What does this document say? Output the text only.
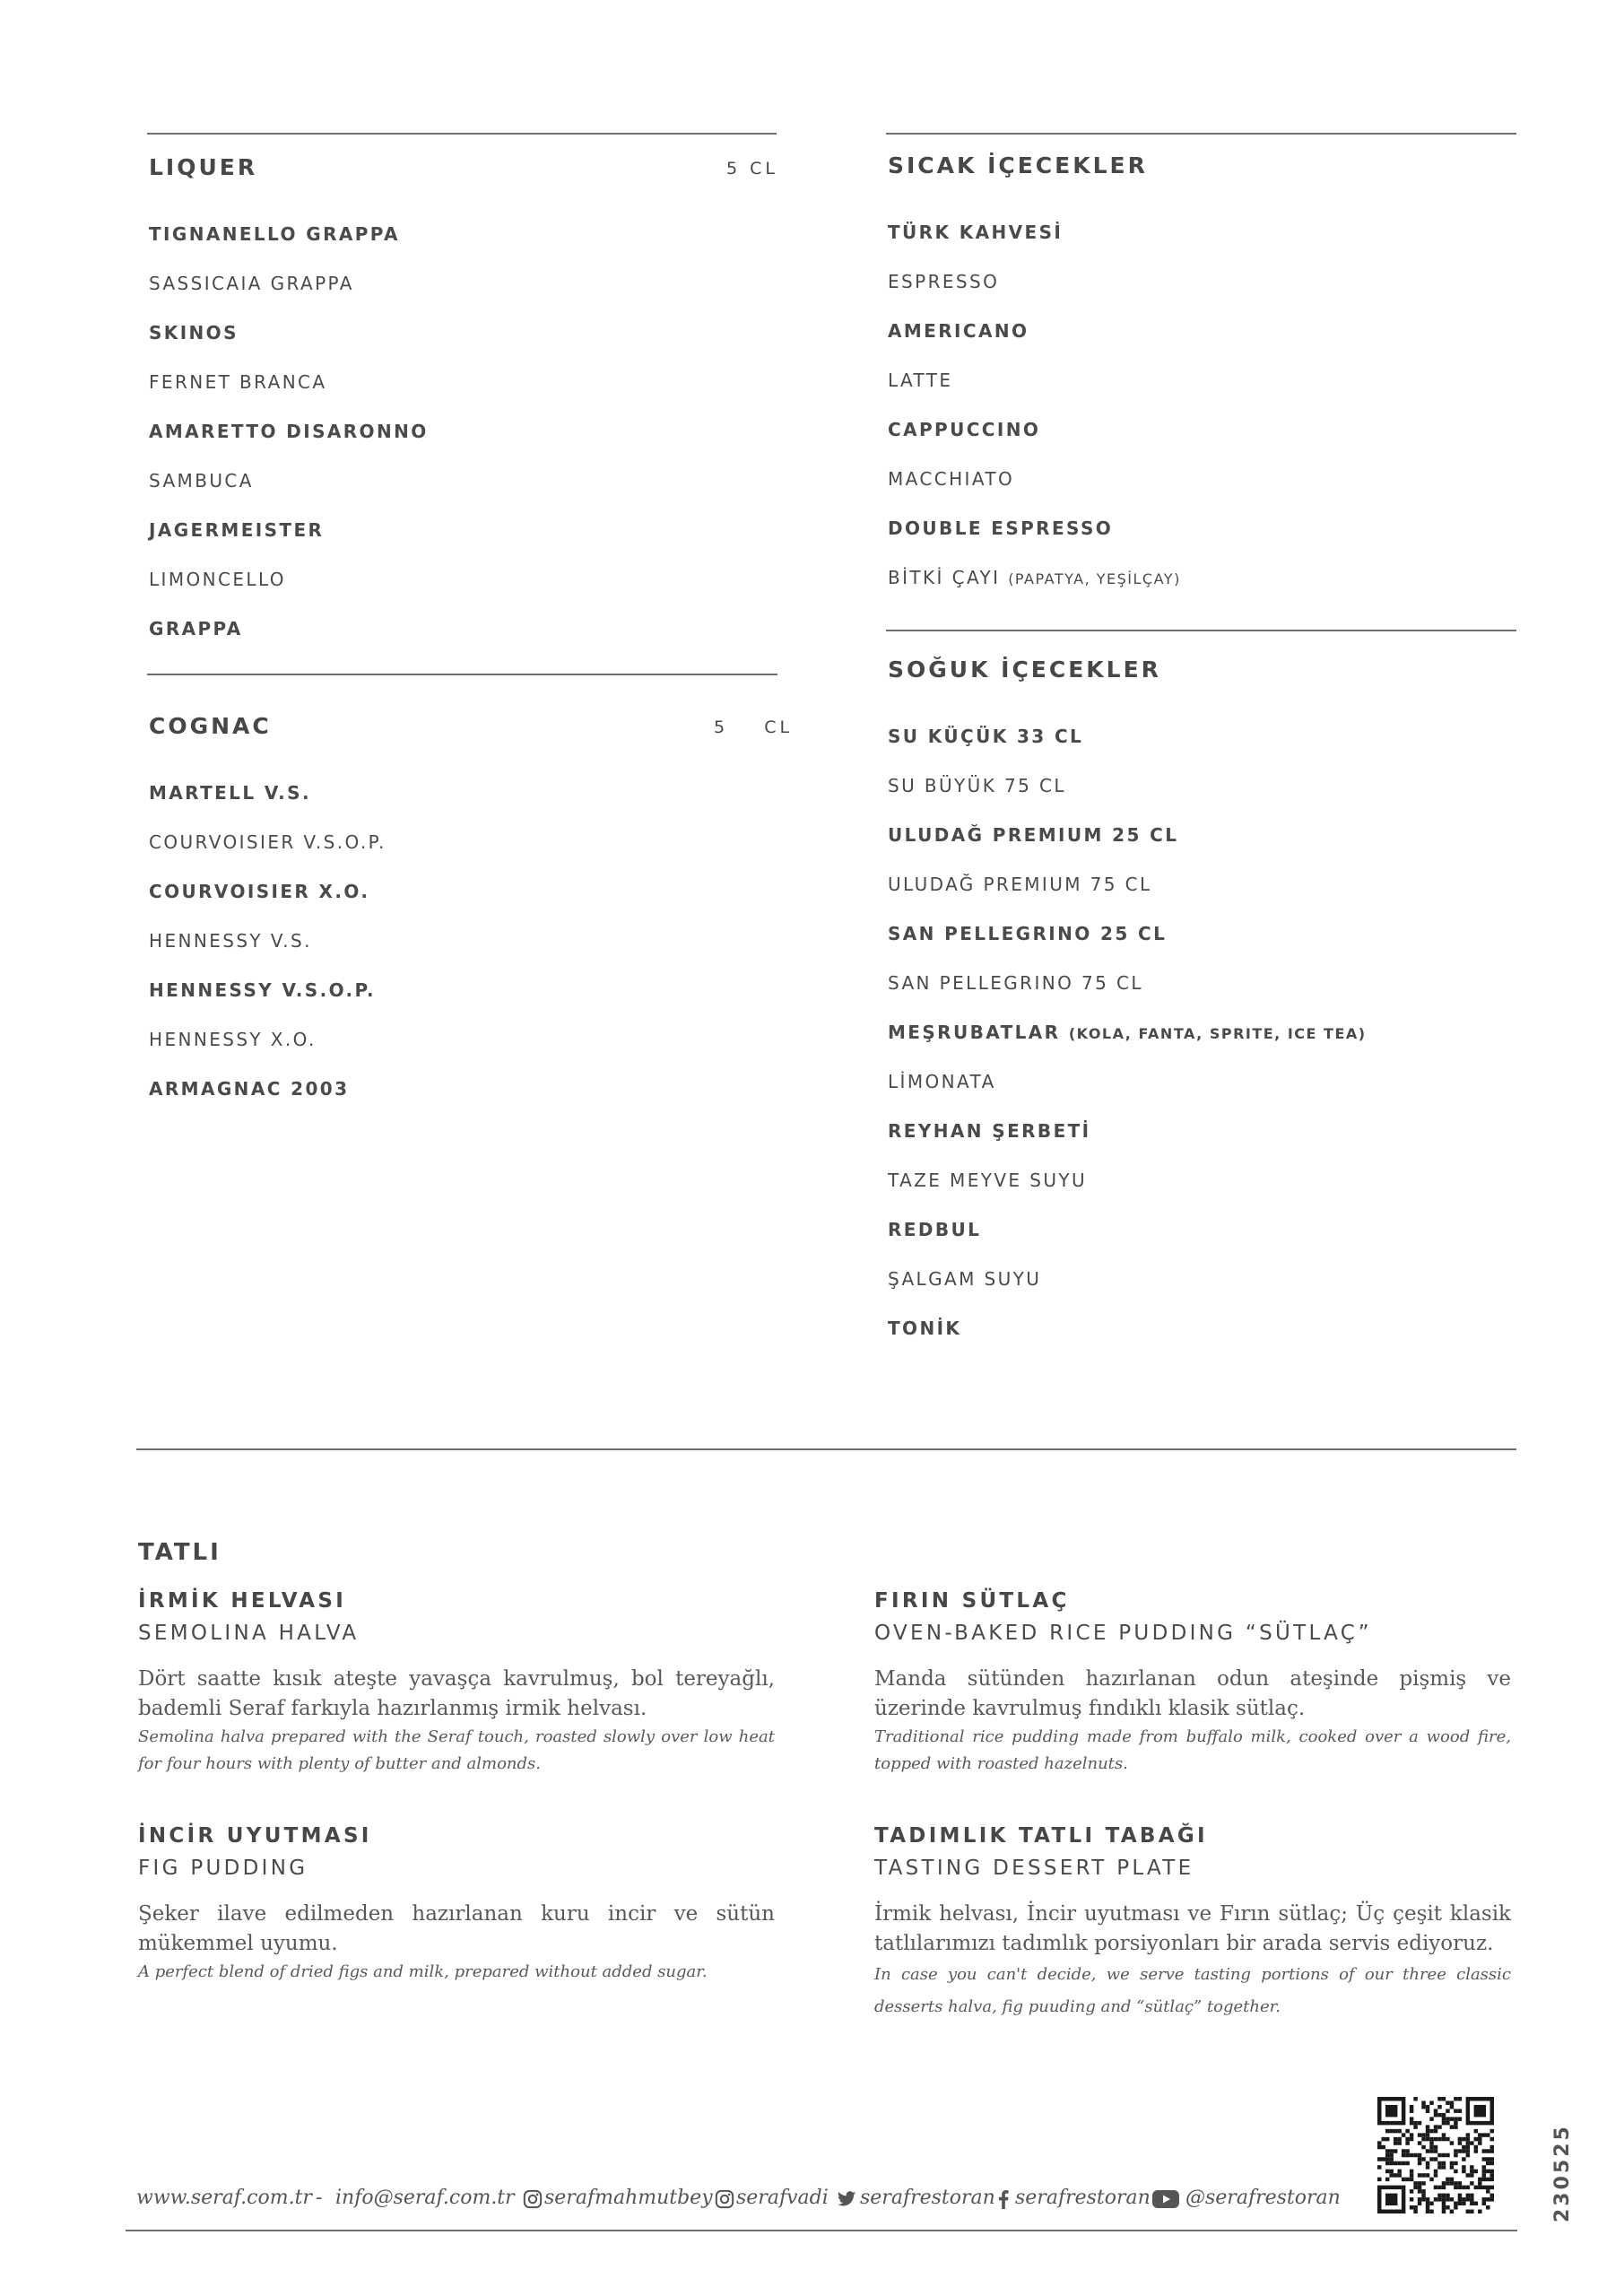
LIQUER	5 CL
TIGNANELLO GRAPPA
SASSICAIA GRAPPA
SKINOS
FERNET BRANCA
AMARETTO DISARONNO
SAMBUCA
JAGERMEISTER
LIMONCELLO
GRAPPA
COGNAC	5    CL
MARTELL V.S.
COURVOISIER V.S.O.P.
COURVOISIER X.O.
HENNESSY V.S.
HENNESSY V.S.O.P.
HENNESSY X.O.
ARMAGNAC 2003
SICAK İÇECEKLER
TÜRK KAHVESİ
ESPRESSO
AMERICANO
LATTE
CAPPUCCINO
MACCHIATO
DOUBLE ESPRESSO
BİTKİ ÇAYI (PAPATYA, YEŞİLÇAY)
SOĞUK İÇECEKLER
SU KÜÇÜK 33 CL
SU BÜYÜK 75 CL
ULUDAĞ PREMIUM 25 CL
ULUDAĞ PREMIUM 75 CL
SAN PELLEGRINO 25 CL
SAN PELLEGRINO 75 CL
MEŞRUBATLAR (KOLA, FANTA, SPRITE, ICE TEA)
LİMONATA
REYHAN ŞERBETİ
TAZE MEYVE SUYU
REDBUL
ŞALGAM SUYU
TONİK
TATLI
İRMİK HELVASI
SEMOLINA HALVA
Dört saatte kısık ateşte yavaşça kavrulmuş, bol tereyağlı, bademli Seraf farkıyla hazırlanmış irmik helvası.
Semolina halva prepared with the Seraf touch, roasted slowly over low heat for four hours with plenty of butter and almonds.
FIRIN SÜTLAÇ
OVEN-BAKED RICE PUDDING “SÜTLAÇ”
Manda sütünden hazırlanan odun ateşinde pişmiş ve üzerinde kavrulmuş fındıklı klasik sütlaç.
Traditional rice pudding made from buffalo milk, cooked over a wood fire, topped with roasted hazelnuts.
İNCİR UYUTMASI
FIG PUDDING
Şeker ilave edilmeden hazırlanan kuru incir ve sütün mükemmel uyumu.
A perfect blend of dried figs and milk, prepared without added sugar.
TADIMLIK TATLI TABAĞI
TASTING DESSERT PLATE
İrmik helvası, İncir uyutması ve Fırın sütlaç; Üç çeşit klasik tatlılarımızı tadımlık porsiyonları bir arada servis ediyoruz.
In case you can't decide, we serve tasting portions of our three classic desserts halva, fig puuding and “sütlaç” together.
230525
www.seraf.com.tr - info@seraf.com.tr serafmahmutbey serafvadi serafrestoran serafrestoran @serafrestoran
